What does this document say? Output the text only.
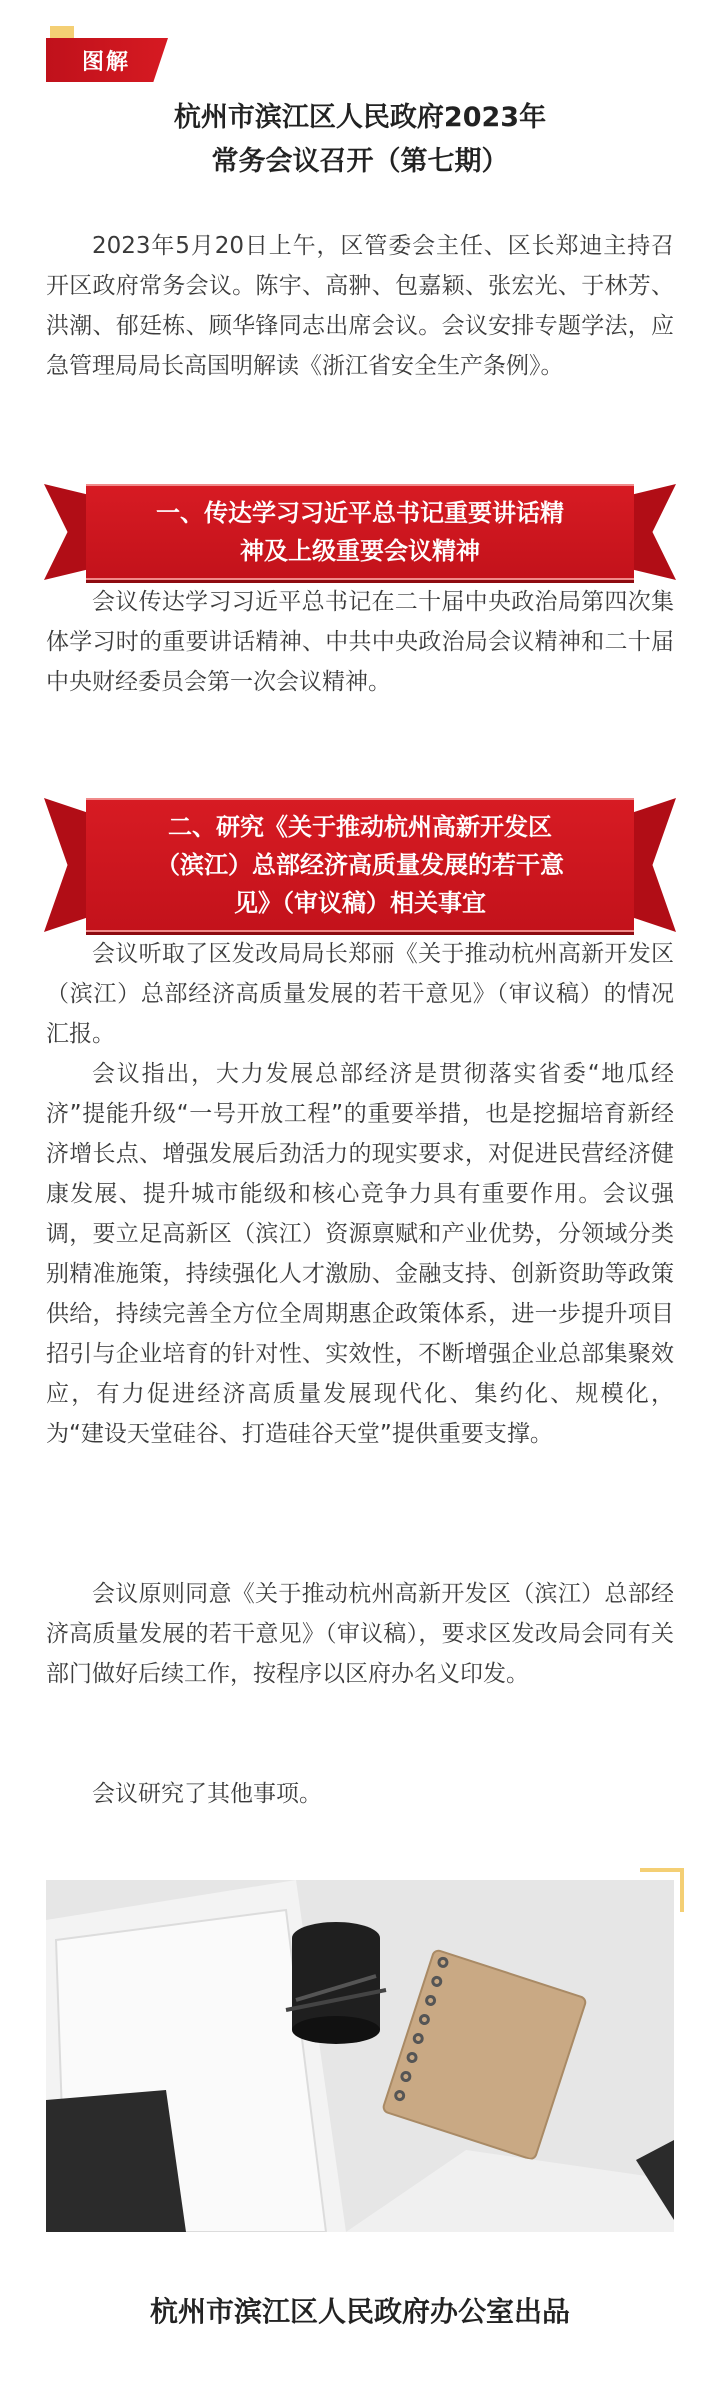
图解
杭州市滨江区人民政府2023年
常务会议召开（第七期）

2023年5月20日上午，区管委会主任、区长郑迪主持召开区政府常务会议。陈宇、高翀、包嘉颖、张宏光、于林芳、洪潮、郁廷栋、顾华锋同志出席会议。会议安排专题学法，应急管理局局长高国明解读《浙江省安全生产条例》。

一、传达学习习近平总书记重要讲话精
神及上级重要会议精神

会议传达学习习近平总书记在二十届中央政治局第四次集体学习时的重要讲话精神、中共中央政治局会议精神和二十届中央财经委员会第一次会议精神。

二、研究《关于推动杭州高新开发区
（滨江）总部经济高质量发展的若干意
见》（审议稿）相关事宜

会议听取了区发改局局长郑丽《关于推动杭州高新开发区（滨江）总部经济高质量发展的若干意见》（审议稿）的情况汇报。

会议指出，大力发展总部经济是贯彻落实省委“地瓜经济”提能升级“一号开放工程”的重要举措，也是挖掘培育新经济增长点、增强发展后劲活力的现实要求，对促进民营经济健康发展、提升城市能级和核心竞争力具有重要作用。会议强调，要立足高新区（滨江）资源禀赋和产业优势，分领域分类别精准施策，持续强化人才激励、金融支持、创新资助等政策供给，持续完善全方位全周期惠企政策体系，进一步提升项目招引与企业培育的针对性、实效性，不断增强企业总部集聚效应，有力促进经济高质量发展现代化、集约化、规模化，为“建设天堂硅谷、打造硅谷天堂”提供重要支撑。

会议原则同意《关于推动杭州高新开发区（滨江）总部经济高质量发展的若干意见》（审议稿），要求区发改局会同有关部门做好后续工作，按程序以区府办名义印发。

会议研究了其他事项。

杭州市滨江区人民政府办公室出品
